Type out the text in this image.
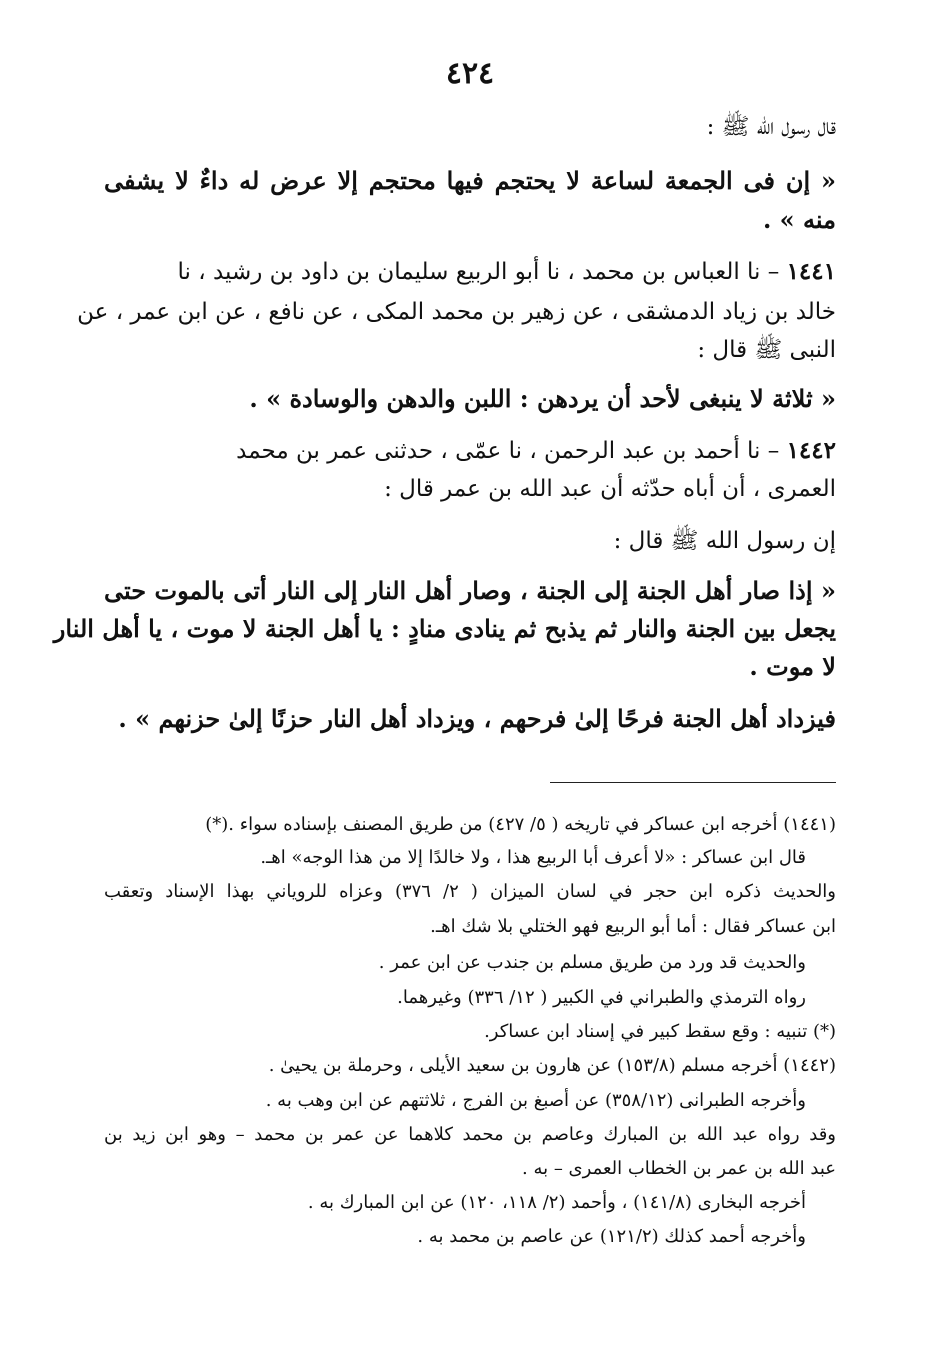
٤٢٤
قال رسول الله ﷺ :
« إن فى الجمعة لساعة لا يحتجم فيها محتجم إلا عرض له داءٌ لا يشفى
منه » .
١٤٤١ – نا العباس بن محمد ، نا أبو الربيع سليمان بن داود بن رشيد ، نا
خالد بن زياد الدمشقى ، عن زهير بن محمد المكى ، عن نافع ، عن ابن عمر ، عن
النبى ﷺ قال :
« ثلاثة لا ينبغى لأحد أن يردهن : اللبن والدهن والوسادة » .
١٤٤٢ – نا أحمد بن عبد الرحمن ، نا عمّى ، حدثنى عمر بن محمد
العمرى ، أن أباه حدّثه أن عبد الله بن عمر قال :
إن رسول الله ﷺ قال :
« إذا صار أهل الجنة إلى الجنة ، وصار أهل النار إلى النار أتى بالموت حتى
يجعل بين الجنة والنار ثم يذبح ثم ينادى منادٍ : يا أهل الجنة لا موت ، يا أهل النار
لا موت .
فيزداد أهل الجنة فرحًا إلىٰ فرحهم ، ويزداد أهل النار حزنًا إلىٰ حزنهم » .
(١٤٤١) أخرجه ابن عساكر في تاريخه ( ٥/ ٤٢٧) من طريق المصنف بإسناده سواء .(*)
قال ابن عساكر : «لا أعرف أبا الربيع هذا ، ولا خالدًا إلا من هذا الوجه» اهـ.
والحديث ذكره ابن حجر في لسان الميزان ( ٢/ ٣٧٦) وعزاه للروياني بهذا الإسناد وتعقب
ابن عساكر فقال : أما أبو الربيع فهو الختلي بلا شك اهـ.
والحديث قد ورد من طريق مسلم بن جندب عن ابن عمر .
رواه الترمذي والطبراني في الكبير ( ١٢/ ٣٣٦) وغيرهما.
(*) تنبيه : وقع سقط كبير في إسناد ابن عساكر.
(١٤٤٢) أخرجه مسلم (١٥٣/٨) عن هارون بن سعيد الأيلى ، وحرملة بن يحيىٰ .
وأخرجه الطبرانى (٣٥٨/١٢) عن أصبغ بن الفرج ، ثلاثتهم عن ابن وهب به .
وقد رواه عبد الله بن المبارك وعاصم بن محمد كلاهما عن عمر بن محمد – وهو ابن زيد بن
عبد الله بن عمر بن الخطاب العمرى – به .
أخرجه البخارى (١٤١/٨) ، وأحمد (٢/ ١١٨، ١٢٠) عن ابن المبارك به .
وأخرجه أحمد كذلك (١٢١/٢) عن عاصم بن محمد به .
